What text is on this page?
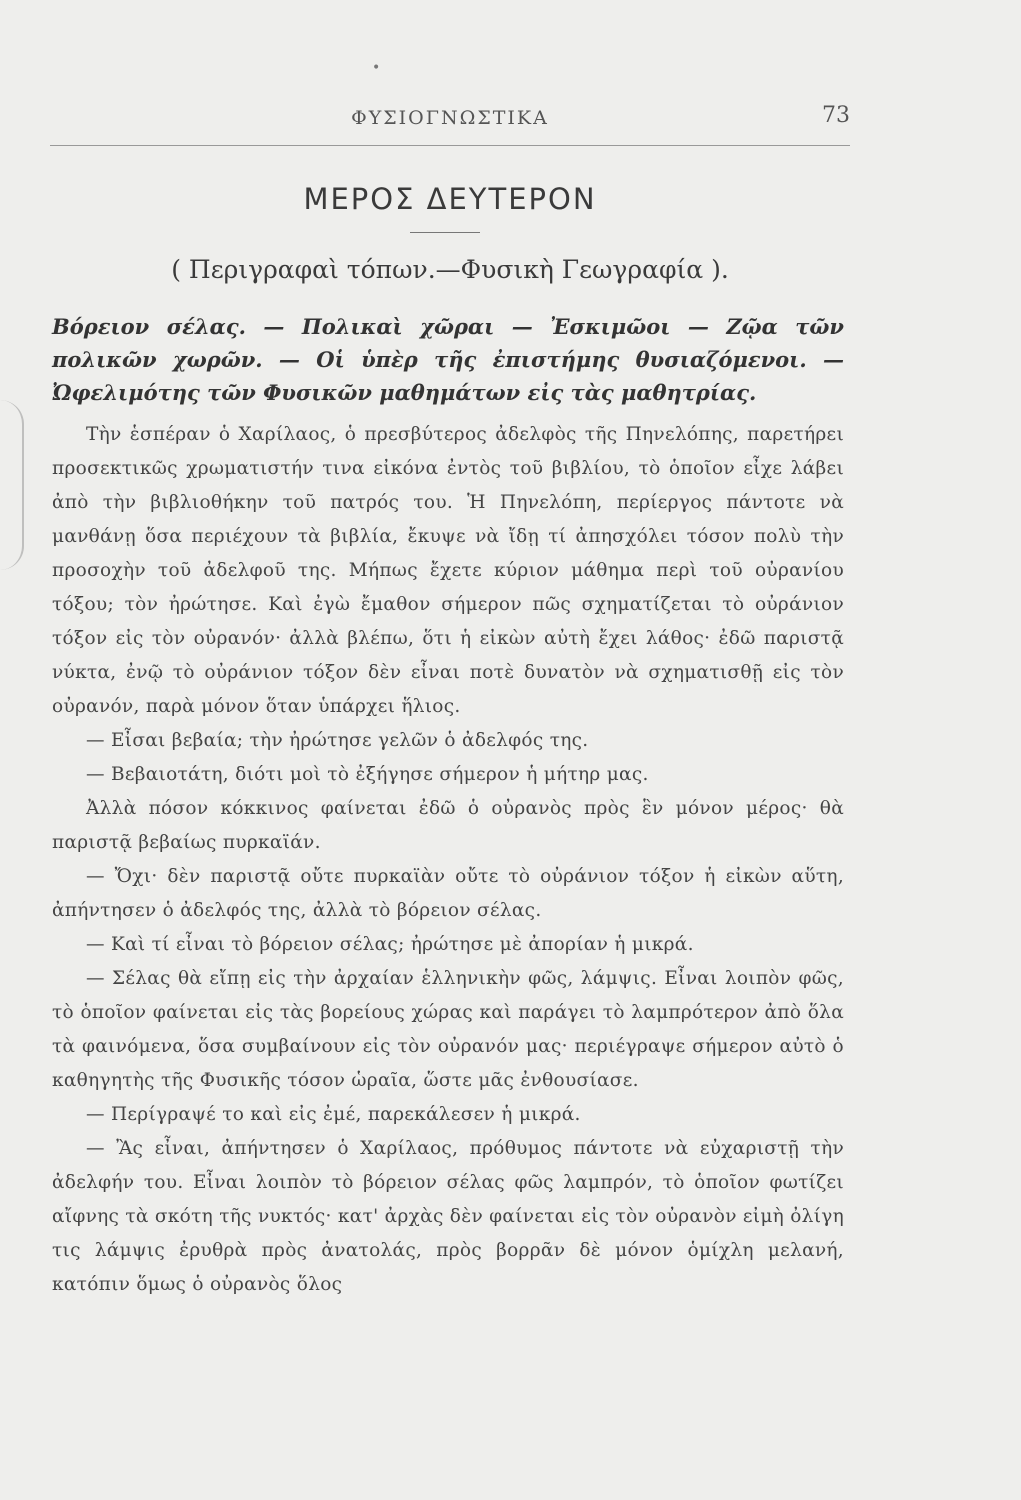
•
ΦΥΣΙΟΓΝΩΣΤΙΚΑ	73
ΜΕΡΟΣ ΔΕΥΤΕΡΟΝ
( Περιγραφαὶ τόπων.—Φυσικὴ Γεωγραφία ).

Βόρειον σέλας. — Πολικαὶ χῶραι — Ἐσκιμῶοι — Ζῷα τῶν πολικῶν χωρῶν. — Οἱ ὑπὲρ τῆς ἐπιστήμης θυσιαζόμενοι. — Ὠφελιμότης τῶν Φυσικῶν μαθημάτων εἰς τὰς μαθητρίας.

Τὴν ἑσπέραν ὁ Χαρίλαος, ὁ πρεσβύτερος ἀδελφὸς τῆς Πηνελόπης, παρετήρει προσεκτικῶς χρωματιστήν τινα εἰκόνα ἐντὸς τοῦ βιβλίου, τὸ ὁποῖον εἶχε λάβει ἀπὸ τὴν βιβλιοθήκην τοῦ πατρός του. Ἡ Πηνελόπη, περίεργος πάντοτε νὰ μανθάνῃ ὅσα περιέχουν τὰ βιβλία, ἔκυψε νὰ ἴδῃ τί ἀπησχόλει τόσον πολὺ τὴν προσοχὴν τοῦ ἀδελφοῦ της. Μήπως ἔχετε κύριον μάθημα περὶ τοῦ οὐρανίου τόξου; τὸν ἠρώτησε. Καὶ ἐγὼ ἔμαθον σήμερον πῶς σχηματίζεται τὸ οὐράνιον τόξον εἰς τὸν οὐρανόν· ἀλλὰ βλέπω, ὅτι ἡ εἰκὼν αὐτὴ ἔχει λάθος· ἐδῶ παριστᾷ νύκτα, ἐνῷ τὸ οὐράνιον τόξον δὲν εἶναι ποτὲ δυνατὸν νὰ σχηματισθῇ εἰς τὸν οὐρανόν, παρὰ μόνον ὅταν ὑπάρχει ἥλιος.

— Εἶσαι βεβαία; τὴν ἠρώτησε γελῶν ὁ ἀδελφός της.

— Βεβαιοτάτη, διότι μοὶ τὸ ἐξήγησε σήμερον ἡ μήτηρ μας.

Ἀλλὰ πόσον κόκκινος φαίνεται ἐδῶ ὁ οὐρανὸς πρὸς ἓν μόνον μέρος· θὰ παριστᾷ βεβαίως πυρκαϊάν.

— Ὄχι· δὲν παριστᾷ οὔτε πυρκαϊὰν οὔτε τὸ οὐράνιον τόξον ἡ εἰκὼν αὕτη, ἀπήντησεν ὁ ἀδελφός της, ἀλλὰ τὸ βόρειον σέλας.

— Καὶ τί εἶναι τὸ βόρειον σέλας; ἠρώτησε μὲ ἀπορίαν ἡ μικρά.

— Σέλας θὰ εἴπῃ εἰς τὴν ἀρχαίαν ἑλληνικὴν φῶς, λάμψις. Εἶναι λοιπὸν φῶς, τὸ ὁποῖον φαίνεται εἰς τὰς βορείους χώρας καὶ παράγει τὸ λαμπρότερον ἀπὸ ὅλα τὰ φαινόμενα, ὅσα συμβαίνουν εἰς τὸν οὐρανόν μας· περιέγραψε σήμερον αὐτὸ ὁ καθηγητὴς τῆς Φυσικῆς τόσον ὡραῖα, ὥστε μᾶς ἐνθουσίασε.

— Περίγραψέ το καὶ εἰς ἐμέ, παρεκάλεσεν ἡ μικρά.

— Ἂς εἶναι, ἀπήντησεν ὁ Χαρίλαος, πρόθυμος πάντοτε νὰ εὐχαριστῇ τὴν ἀδελφήν του. Εἶναι λοιπὸν τὸ βόρειον σέλας φῶς λαμπρόν, τὸ ὁποῖον φωτίζει αἴφνης τὰ σκότη τῆς νυκτός· κατ' ἀρχὰς δὲν φαίνεται εἰς τὸν οὐρανὸν εἰμὴ ὀλίγη τις λάμψις ἐρυθρὰ πρὸς ἀνατολάς, πρὸς βορρᾶν δὲ μόνον ὁμίχλη μελανή, κατόπιν ὅμως ὁ οὐρανὸς ὅλος
